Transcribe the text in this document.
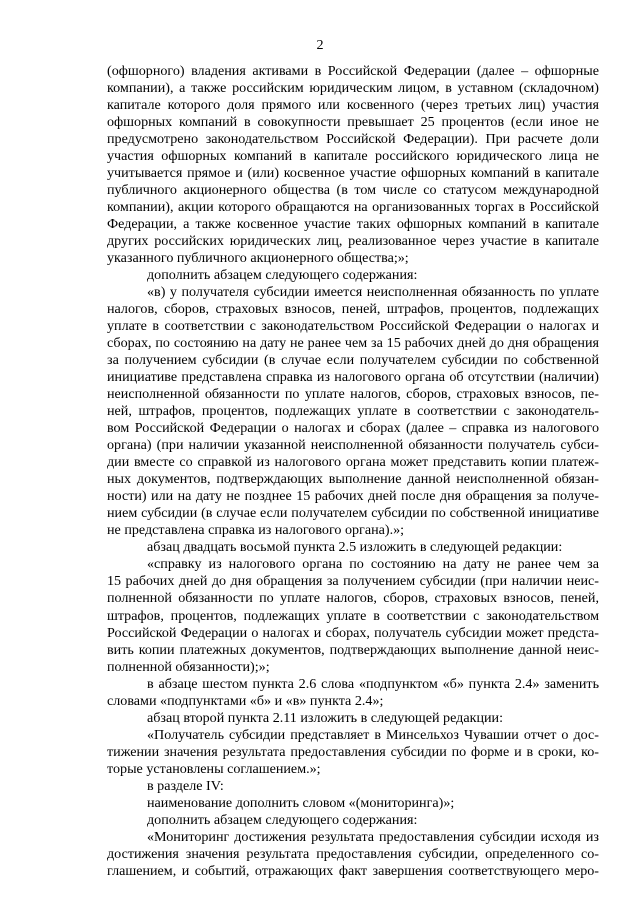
2
(офшорного) владения активами в Российской Федерации (далее – офшорные
компании), а также российским юридическим лицом, в уставном (складочном)
капитале которого доля прямого или косвенного (через третьих лиц) участия
офшорных компаний в совокупности превышает 25 процентов (если иное не
предусмотрено законодательством Российской Федерации). При расчете доли
участия офшорных компаний в капитале российского юридического лица не
учитывается прямое и (или) косвенное участие офшорных компаний в капитале
публичного акционерного общества (в том числе со статусом международной
компании), акции которого обращаются на организованных торгах в Российской
Федерации, а также косвенное участие таких офшорных компаний в капитале
других российских юридических лиц, реализованное через участие в капитале
указанного публичного акционерного общества;»;
дополнить абзацем следующего содержания:
«в) у получателя субсидии имеется неисполненная обязанность по уплате
налогов, сборов, страховых взносов, пеней, штрафов, процентов, подлежащих
уплате в соответствии с законодательством Российской Федерации о налогах и
сборах, по состоянию на дату не ранее чем за 15 рабочих дней до дня обращения
за получением субсидии (в случае если получателем субсидии по собственной
инициативе представлена справка из налогового органа об отсутствии (наличии)
неисполненной обязанности по уплате налогов, сборов, страховых взносов, пе-
ней, штрафов, процентов, подлежащих уплате в соответствии с законодатель-
вом Российской Федерации о налогах и сборах (далее – справка из налогового
органа) (при наличии указанной неисполненной обязанности получатель субси-
дии вместе со справкой из налогового органа может представить копии платеж-
ных документов, подтверждающих выполнение данной неисполненной обязан-
ности) или на дату не позднее 15 рабочих дней после дня обращения за получе-
нием субсидии (в случае если получателем субсидии по собственной инициативе
не представлена справка из налогового органа).»;
абзац двадцать восьмой пункта 2.5 изложить в следующей редакции:
«справку из налогового органа по состоянию на дату не ранее чем за
15 рабочих дней до дня обращения за получением субсидии (при наличии неис-
полненной обязанности по уплате налогов, сборов, страховых взносов, пеней,
штрафов, процентов, подлежащих уплате в соответствии с законодательством
Российской Федерации о налогах и сборах, получатель субсидии может предста-
вить копии платежных документов, подтверждающих выполнение данной неис-
полненной обязанности);»;
в абзаце шестом пункта 2.6 слова «подпунктом «б» пункта 2.4» заменить
словами «подпунктами «б» и «в» пункта 2.4»;
абзац второй пункта 2.11 изложить в следующей редакции:
«Получатель субсидии представляет в Минсельхоз Чувашии отчет о дос-
тижении значения результата предоставления субсидии по форме и в сроки, ко-
торые установлены соглашением.»;
в разделе IV:
наименование дополнить словом «(мониторинга)»;
дополнить абзацем следующего содержания:
«Мониторинг достижения результата предоставления субсидии исходя из
достижения значения результата предоставления субсидии, определенного со-
глашением, и событий, отражающих факт завершения соответствующего меро-
